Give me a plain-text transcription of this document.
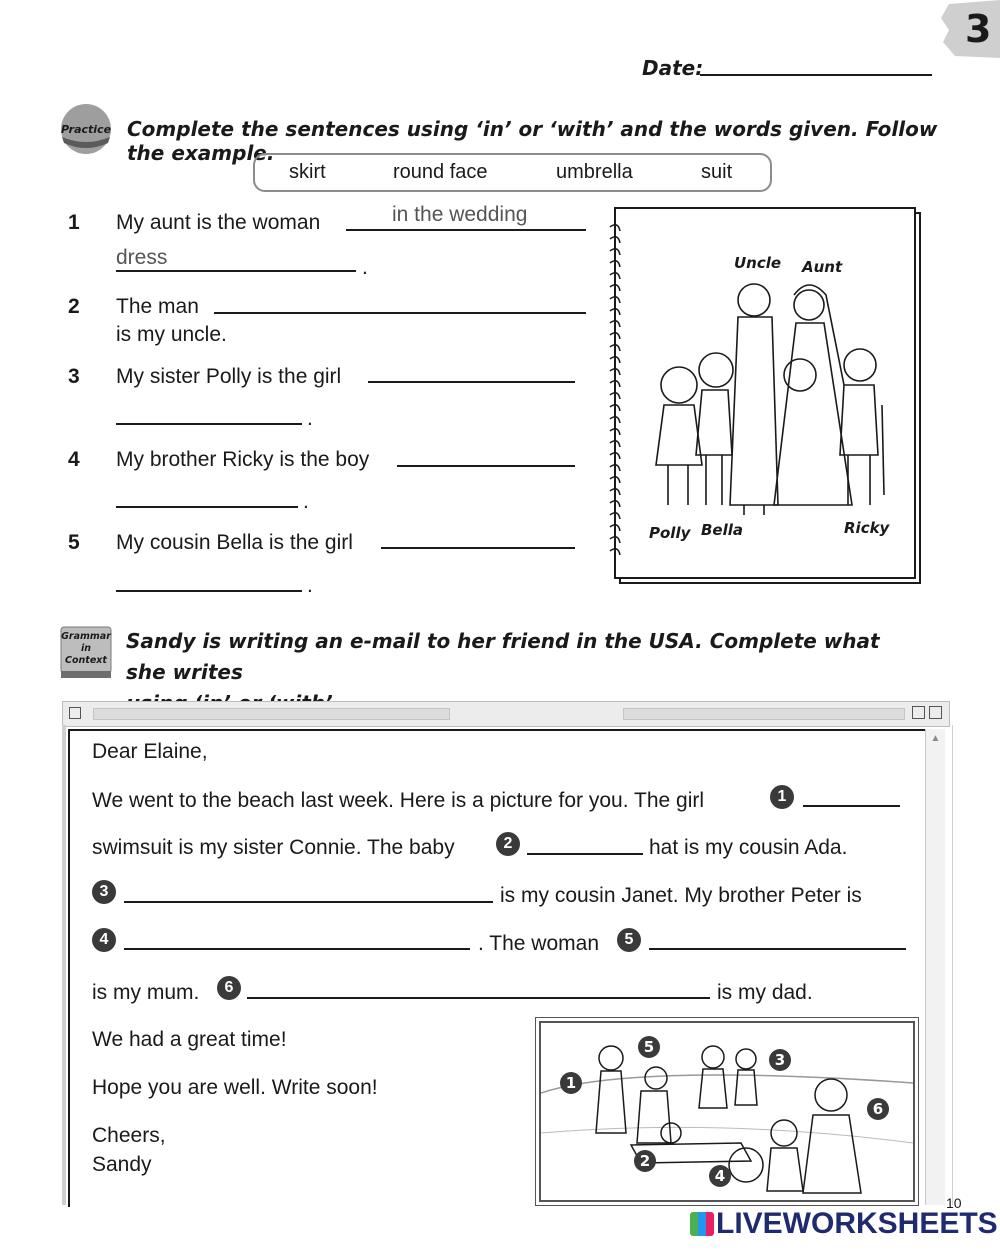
3
Date:
Practice Complete the sentences using ‘in’ or ‘with’ and the words given. Follow the example.
skirt	round face	umbrella	suit
1 My aunt is the woman	in the wedding
dress	.
2 The man
is my uncle.
3 My sister Polly is the girl
.
4 My brother Ricky is the boy
.
5 My cousin Bella is the girl
.
Uncle Aunt
Polly Bella	Ricky
Grammar
in
Context
Sandy is writing an e-mail to her friend in the USA. Complete what she writes
▲
Dear Elaine,
We went to the beach last week. Here is a picture for you. The girl	1
swimsuit is my sister Connie. The baby	2	hat is my cousin Ada.
3	is my cousin Janet. My brother Peter is
4	. The woman	5
is my mum.	6	is my dad.
We had a great time!
Hope you are well. Write soon!
Cheers,
Sandy
1
2
3
4
5
6
10
LIVEWORKSHEETS
